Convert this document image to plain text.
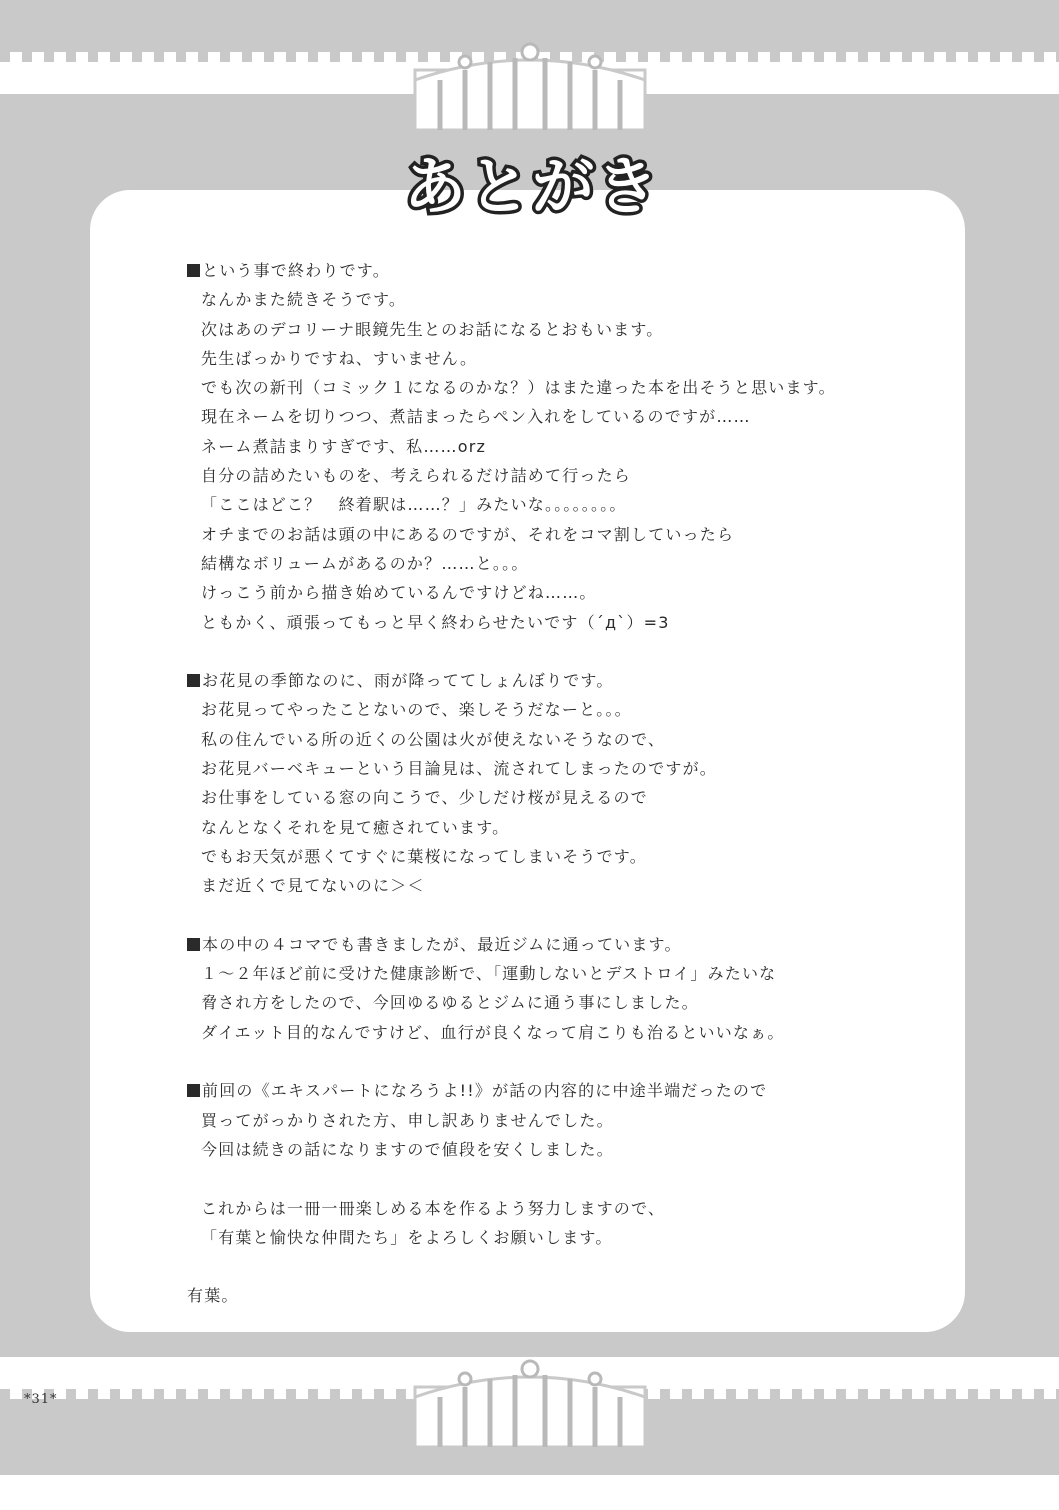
あとがき
という事で終わりです。
なんかまた続きそうです。
次はあのデコリーナ眼鏡先生とのお話になるとおもいます。
先生ばっかりですね、すいません。
でも次の新刊（コミック１になるのかな？）はまた違った本を出そうと思います。
現在ネームを切りつつ、煮詰まったらペン入れをしているのですが……
ネーム煮詰まりすぎです、私……orz
自分の詰めたいものを、考えられるだけ詰めて行ったら
「ここはどこ？　終着駅は……？」みたいな。。。。。。。。
オチまでのお話は頭の中にあるのですが、それをコマ割していったら
結構なボリュームがあるのか？……と。。。
けっこう前から描き始めているんですけどね……。
ともかく、頑張ってもっと早く終わらせたいです（´д`）=3
お花見の季節なのに、雨が降っててしょんぼりです。
お花見ってやったことないので、楽しそうだなーと。。。
私の住んでいる所の近くの公園は火が使えないそうなので、
お花見バーベキューという目論見は、流されてしまったのですが。
お仕事をしている窓の向こうで、少しだけ桜が見えるので
なんとなくそれを見て癒されています。
でもお天気が悪くてすぐに葉桜になってしまいそうです。
まだ近くで見てないのに＞＜
本の中の４コマでも書きましたが、最近ジムに通っています。
１～２年ほど前に受けた健康診断で、「運動しないとデストロイ」みたいな
脅され方をしたので、今回ゆるゆるとジムに通う事にしました。
ダイエット目的なんですけど、血行が良くなって肩こりも治るといいなぁ。
前回の《エキスパートになろうよ!!》が話の内容的に中途半端だったので
買ってがっかりされた方、申し訳ありませんでした。
今回は続きの話になりますので値段を安くしました。
これからは一冊一冊楽しめる本を作るよう努力しますので、
「有葉と愉快な仲間たち」をよろしくお願いします。
有葉。
*31*
